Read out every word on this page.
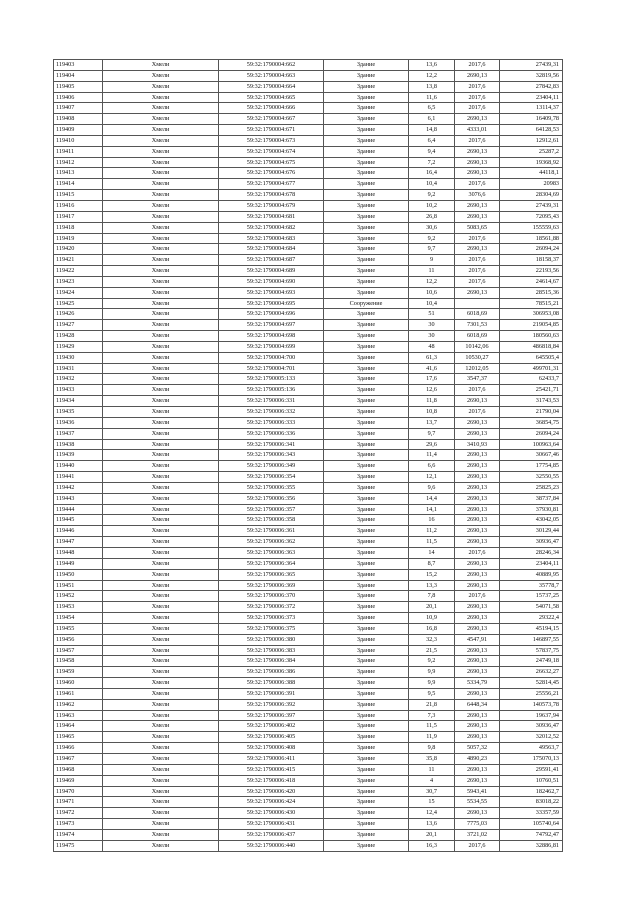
119403	Хмели	59:32:1790004:662	Здание	13,6	2017,6	27439,31
119404	Хмели	59:32:1790004:663	Здание	12,2	2690,13	32819,56
119405	Хмели	59:32:1790004:664	Здание	13,8	2017,6	27842,83
119406	Хмели	59:32:1790004:665	Здание	11,6	2017,6	23404,11
119407	Хмели	59:32:1790004:666	Здание	6,5	2017,6	13114,37
119408	Хмели	59:32:1790004:667	Здание	6,1	2690,13	16409,78
119409	Хмели	59:32:1790004:671	Здание	14,8	4333,01	64128,53
119410	Хмели	59:32:1790004:673	Здание	6,4	2017,6	12912,61
119411	Хмели	59:32:1790004:674	Здание	9,4	2690,13	25287,2
119412	Хмели	59:32:1790004:675	Здание	7,2	2690,13	19368,92
119413	Хмели	59:32:1790004:676	Здание	16,4	2690,13	44118,1
119414	Хмели	59:32:1790004:677	Здание	10,4	2017,6	20983
119415	Хмели	59:32:1790004:678	Здание	9,2	3076,6	28304,69
119416	Хмели	59:32:1790004:679	Здание	10,2	2690,13	27439,31
119417	Хмели	59:32:1790004:681	Здание	26,8	2690,13	72095,43
119418	Хмели	59:32:1790004:682	Здание	30,6	5083,65	155559,63
119419	Хмели	59:32:1790004:683	Здание	9,2	2017,6	18561,88
119420	Хмели	59:32:1790004:684	Здание	9,7	2690,13	26094,24
119421	Хмели	59:32:1790004:687	Здание	9	2017,6	18158,37
119422	Хмели	59:32:1790004:689	Здание	11	2017,6	22193,56
119423	Хмели	59:32:1790004:690	Здание	12,2	2017,6	24614,67
119424	Хмели	59:32:1790004:693	Здание	10,6	2690,13	28515,36
119425	Хмели	59:32:1790004:695	Сооружение	10,4		78515,21
119426	Хмели	59:32:1790004:696	Здание	51	6018,69	306953,08
119427	Хмели	59:32:1790004:697	Здание	30	7301,53	219054,85
119428	Хмели	59:32:1790004:698	Здание	30	6018,69	180560,63
119429	Хмели	59:32:1790004:699	Здание	48	10142,06	486818,84
119430	Хмели	59:32:1790004:700	Здание	61,3	10530,27	645505,4
119431	Хмели	59:32:1790004:701	Здание	41,6	12012,05	499701,31
119432	Хмели	59:32:1790005:133	Здание	17,6	3547,37	62433,7
119433	Хмели	59:32:1790005:136	Здание	12,6	2017,6	25421,71
119434	Хмели	59:32:1790006:331	Здание	11,8	2690,13	31743,53
119435	Хмели	59:32:1790006:332	Здание	10,8	2017,6	21790,04
119436	Хмели	59:32:1790006:333	Здание	13,7	2690,13	36854,75
119437	Хмели	59:32:1790006:336	Здание	9,7	2690,13	26094,24
119438	Хмели	59:32:1790006:341	Здание	29,6	3410,93	100963,64
119439	Хмели	59:32:1790006:343	Здание	11,4	2690,13	30667,46
119440	Хмели	59:32:1790006:349	Здание	6,6	2690,13	17754,85
119441	Хмели	59:32:1790006:354	Здание	12,1	2690,13	32550,55
119442	Хмели	59:32:1790006:355	Здание	9,6	2690,13	25825,23
119443	Хмели	59:32:1790006:356	Здание	14,4	2690,13	38737,84
119444	Хмели	59:32:1790006:357	Здание	14,1	2690,13	37930,81
119445	Хмели	59:32:1790006:358	Здание	16	2690,13	43042,05
119446	Хмели	59:32:1790006:361	Здание	11,2	2690,13	30129,44
119447	Хмели	59:32:1790006:362	Здание	11,5	2690,13	30936,47
119448	Хмели	59:32:1790006:363	Здание	14	2017,6	28246,34
119449	Хмели	59:32:1790006:364	Здание	8,7	2690,13	23404,11
119450	Хмели	59:32:1790006:365	Здание	15,2	2690,13	40889,95
119451	Хмели	59:32:1790006:369	Здание	13,3	2690,13	35778,7
119452	Хмели	59:32:1790006:370	Здание	7,8	2017,6	15737,25
119453	Хмели	59:32:1790006:372	Здание	20,1	2690,13	54071,58
119454	Хмели	59:32:1790006:373	Здание	10,9	2690,13	29322,4
119455	Хмели	59:32:1790006:375	Здание	16,8	2690,13	45194,15
119456	Хмели	59:32:1790006:380	Здание	32,3	4547,91	146897,55
119457	Хмели	59:32:1790006:383	Здание	21,5	2690,13	57837,75
119458	Хмели	59:32:1790006:384	Здание	9,2	2690,13	24749,18
119459	Хмели	59:32:1790006:386	Здание	9,9	2690,13	26632,27
119460	Хмели	59:32:1790006:388	Здание	9,9	5334,79	52814,45
119461	Хмели	59:32:1790006:391	Здание	9,5	2690,13	25556,21
119462	Хмели	59:32:1790006:392	Здание	21,8	6448,34	140573,78
119463	Хмели	59:32:1790006:397	Здание	7,3	2690,13	19637,94
119464	Хмели	59:32:1790006:402	Здание	11,5	2690,13	30936,47
119465	Хмели	59:32:1790006:405	Здание	11,9	2690,13	32012,52
119466	Хмели	59:32:1790006:408	Здание	9,8	5057,32	49563,7
119467	Хмели	59:32:1790006:411	Здание	35,8	4890,23	175070,13
119468	Хмели	59:32:1790006:415	Здание	11	2690,13	29591,41
119469	Хмели	59:32:1790006:418	Здание	4	2690,13	10760,51
119470	Хмели	59:32:1790006:420	Здание	30,7	5943,41	182462,7
119471	Хмели	59:32:1790006:424	Здание	15	5534,55	83018,22
119472	Хмели	59:32:1790006:430	Здание	12,4	2690,13	33357,59
119473	Хмели	59:32:1790006:431	Здание	13,6	7775,03	105740,64
119474	Хмели	59:32:1790006:437	Здание	20,1	3721,02	74792,47
119475	Хмели	59:32:1790006:440	Здание	16,3	2017,6	32886,81
